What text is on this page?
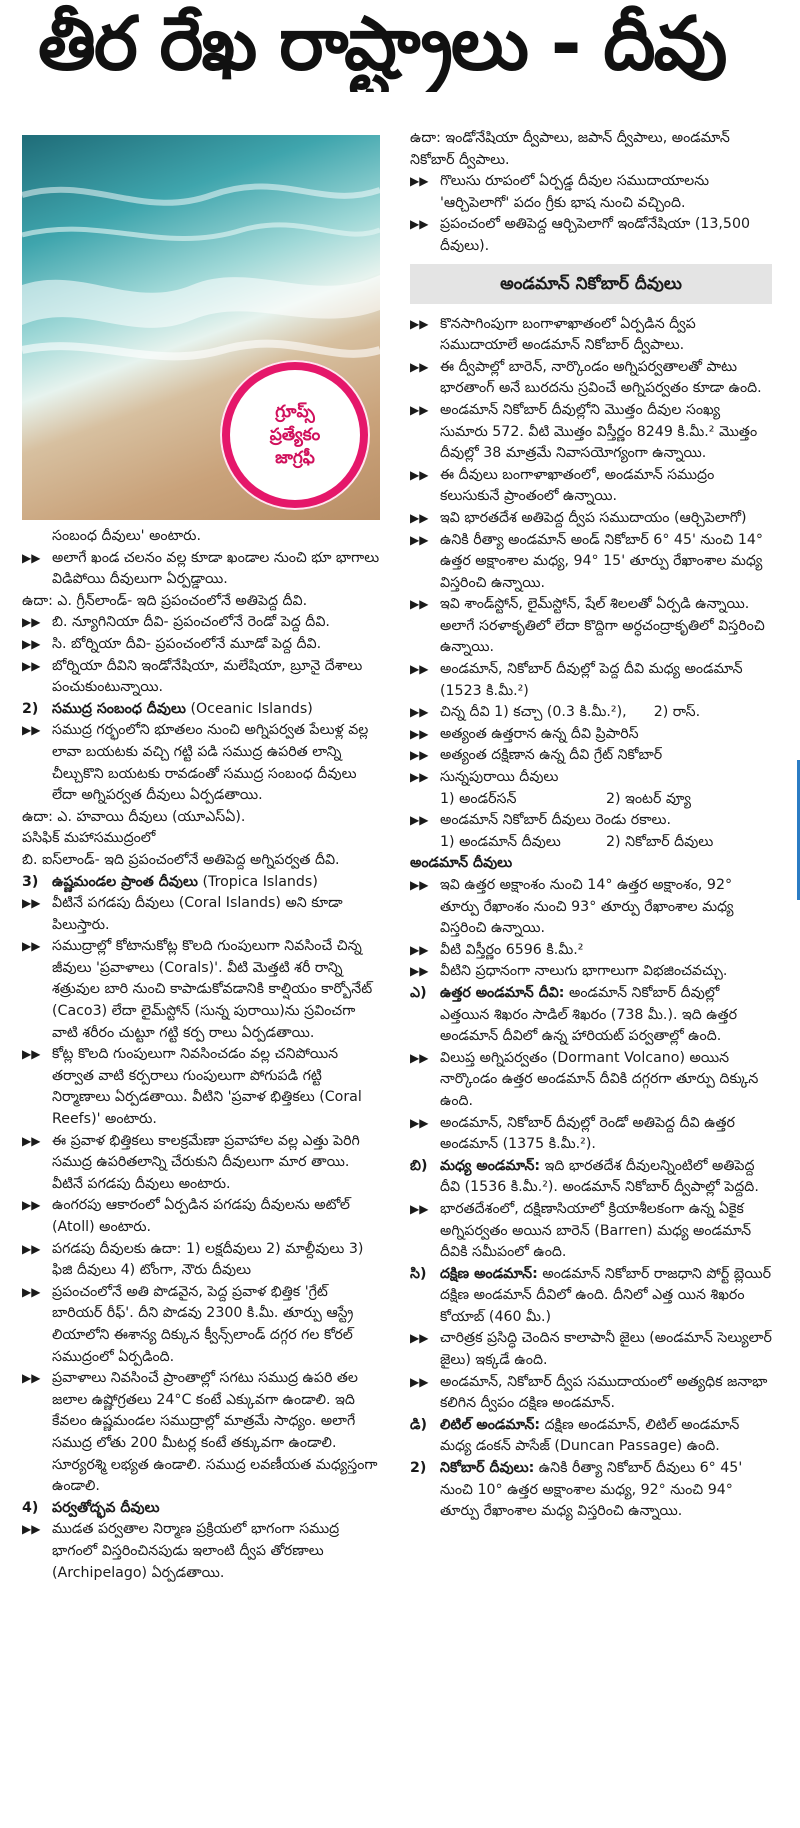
తీర రేఖ రాష్ట్రాలు - దీవు
గ్రూప్స్
ప్రత్యేకం
జాగ్రఫీ

సంబంధ దీవులు' అంటారు.

▶▶ అలాగే ఖండ చలనం వల్ల కూడా ఖండాల నుంచి భూ భాగాలు విడిపోయి దీవులుగా ఏర్పడ్డాయి.

ఉదా: ఎ. గ్రీన్‌లాండ్- ఇది ప్రపంచంలోనే అతిపెద్ద దీవి.

▶▶ బి. న్యూగినియా దీవి- ప్రపంచంలోనే రెండో పెద్ద దీవి.

▶▶ సి. బోర్నియా దీవి- ప్రపంచంలోనే మూడో పెద్ద దీవి.

▶▶ బోర్నియా దీవిని ఇండోనేషియా, మలేషియా, బ్రూనై దేశాలు పంచుకుంటున్నాయి.

2) సముద్ర సంబంధ దీవులు (Oceanic Islands)

▶▶ సముద్ర గర్భంలోని భూతలం నుంచి అగ్నిపర్వత పేలుళ్ల వల్ల లావా బయటకు వచ్చి గట్టి పడి సముద్ర ఉపరిత లాన్ని చీల్చుకొని బయటకు రావడంతో సముద్ర సంబంధ దీవులు లేదా అగ్నిపర్వత దీవులు ఏర్పడతాయి.

ఉదా: ఎ. హవాయి దీవులు (యూఎస్ఏ).

పసిఫిక్ మహాసముద్రంలో

బి. ఐస్‌లాండ్- ఇది ప్రపంచంలోనే అతిపెద్ద అగ్నిపర్వత దీవి.

3) ఉష్ణమండల ప్రాంత దీవులు (Tropica Islands)

▶▶ వీటినే పగడపు దీవులు (Coral Islands) అని కూడా పిలుస్తారు.

▶▶ సముద్రాల్లో కోటానుకోట్ల కొలది గుంపులుగా నివసించే చిన్న జీవులు 'ప్రవాళాలు (Corals)'. వీటి మెత్తటి శరీ రాన్ని శత్రువుల బారి నుంచి కాపాడుకోవడానికి కాల్షియం కార్బోనేట్ (Caco3) లేదా లైమ్‌స్టోన్ (సున్న పురాయి)ను స్రవించగా వాటి శరీరం చుట్టూ గట్టి కర్ప రాలు ఏర్పడతాయి.

▶▶ కోట్ల కొలది గుంపులుగా నివసించడం వల్ల చనిపోయిన తర్వాత వాటి కర్పరాలు గుంపులుగా పోగుపడి గట్టి నిర్మాణాలు ఏర్పడతాయి. వీటిని 'ప్రవాళ భిత్తికలు (Coral Reefs)' అంటారు.

▶▶ ఈ ప్రవాళ భిత్తికలు కాలక్రమేణా ప్రవాహాల వల్ల ఎత్తు పెరిగి సముద్ర ఉపరితలాన్ని చేరుకుని దీవులుగా మార తాయి. వీటినే పగడపు దీవులు అంటారు.

▶▶ ఉంగరపు ఆకారంలో ఏర్పడిన పగడపు దీవులను అటోల్ (Atoll) అంటారు.

▶▶ పగడపు దీవులకు ఉదా: 1) లక్షదీవులు 2) మాల్దీవులు 3) ఫిజి దీవులు 4) టోంగా, నౌరు దీవులు

▶▶ ప్రపంచంలోనే అతి పొడవైన, పెద్ద ప్రవాళ భిత్తిక 'గ్రేట్ బారియర్ రీఫ్'. దీని పొడవు 2300 కి.మీ. తూర్పు ఆస్ట్రే లియాలోని ఈశాన్య దిక్కున క్వీన్స్‌లాండ్ దగ్గర గల కోరల్ సముద్రంలో ఏర్పడింది.

▶▶ ప్రవాళాలు నివసించే ప్రాంతాల్లో సగటు సముద్ర ఉపరి తల జలాల ఉష్ణోగ్రతలు 24°C కంటే ఎక్కువగా ఉండాలి. ఇది కేవలం ఉష్ణమండల సముద్రాల్లో మాత్రమే సాధ్యం. అలాగే సముద్ర లోతు 200 మీటర్ల కంటే తక్కువగా ఉండాలి. సూర్యరశ్మి లభ్యత ఉండాలి. సముద్ర లవణీయత మధ్యస్తంగా ఉండాలి.

4) పర్వతోద్భవ దీవులు

▶▶ ముడత పర్వతాల నిర్మాణ ప్రక్రియలో భాగంగా సముద్ర భాగంలో విస్తరించినపుడు ఇలాంటి ద్వీప తోరణాలు (Archipelago) ఏర్పడతాయి.

ఉదా: ఇండోనేషియా ద్వీపాలు, జపాన్ ద్వీపాలు, అండమాన్ నికోబార్ ద్వీపాలు.

▶▶ గొలుసు రూపంలో ఏర్పడ్డ దీవుల సముదాయాలను 'ఆర్చిపెలాగో' పదం గ్రీకు భాష నుంచి వచ్చింది.

▶▶ ప్రపంచంలో అతిపెద్ద ఆర్చిపెలాగో ఇండోనేషియా (13,500 దీవులు).

అండమాన్ నికోబార్ దీవులు

▶▶ కొనసాగింపుగా బంగాళాఖాతంలో ఏర్పడిన ద్వీప సముదాయాలే అండమాన్ నికోబార్ ద్వీపాలు.

▶▶ ఈ ద్వీపాల్లో బారెన్, నార్కొండం అగ్నిపర్వతాలతో పాటు భారతాంగ్ అనే బురదను స్రవించే అగ్నిపర్వతం కూడా ఉంది.

▶▶ అండమాన్ నికోబార్ దీవుల్లోని మొత్తం దీవుల సంఖ్య సుమారు 572. వీటి మొత్తం విస్తీర్ణం 8249 కి.మీ.² మొత్తం దీవుల్లో 38 మాత్రమే నివాసయోగ్యంగా ఉన్నాయి.

▶▶ ఈ దీవులు బంగాళాఖాతంలో, అండమాన్ సముద్రం కలుసుకునే ప్రాంతంలో ఉన్నాయి.

▶▶ ఇవి భారతదేశ అతిపెద్ద ద్వీప సముదాయం (ఆర్చిపెలాగో)

▶▶ ఉనికి రీత్యా అండమాన్ అండ్ నికోబార్ 6° 45' నుంచి 14° ఉత్తర అక్షాంశాల మధ్య, 94° 15' తూర్పు రేఖాంశాల మధ్య విస్తరించి ఉన్నాయి.

▶▶ ఇవి శాండ్‌స్టోన్, లైమ్‌స్టోన్, షేల్ శిలలతో ఏర్పడి ఉన్నాయి. అలాగే సరళాకృతిలో లేదా కొద్దిగా అర్ధచంద్రాకృతిలో విస్తరించి ఉన్నాయి.

▶▶ అండమాన్, నికోబార్ దీవుల్లో పెద్ద దీవి మధ్య అండమాన్ (1523 కి.మీ.²)

▶▶ చిన్న దీవి 1) కచ్చా (0.3 కి.మీ.²), 2) రాస్.

▶▶ అత్యంత ఉత్తరాన ఉన్న దీవి ప్రిపారిస్

▶▶ అత్యంత దక్షిణాన ఉన్న దీవి గ్రేట్ నికోబార్

▶▶ సున్నపురాయి దీవులు

1) అండర్‌సన్	2) ఇంటర్ వ్యూ

▶▶ అండమాన్ నికోబార్ దీవులు రెండు రకాలు.

1) అండమాన్ దీవులు	2) నికోబార్ దీవులు

అండమాన్ దీవులు

▶▶ ఇవి ఉత్తర అక్షాంశం నుంచి 14° ఉత్తర అక్షాంశం, 92° తూర్పు రేఖాంశం నుంచి 93° తూర్పు రేఖాంశాల మధ్య విస్తరించి ఉన్నాయి.

▶▶ వీటి విస్తీర్ణం 6596 కి.మీ.²

▶▶ వీటిని ప్రధానంగా నాలుగు భాగాలుగా విభజించవచ్చు.

ఎ) ఉత్తర అండమాన్ దీవి: అండమాన్ నికోబార్ దీవుల్లో ఎత్తయిన శిఖరం సాడిల్ శిఖరం (738 మీ.). ఇది ఉత్తర అండమాన్ దీవిలో ఉన్న హారియట్ పర్వతాల్లో ఉంది.

▶▶ విలుప్త అగ్నిపర్వతం (Dormant Volcano) అయిన నార్కొండం ఉత్తర అండమాన్ దీవికి దగ్గరగా తూర్పు దిక్కున ఉంది.

▶▶ అండమాన్, నికోబార్ దీవుల్లో రెండో అతిపెద్ద దీవి ఉత్తర అండమాన్ (1375 కి.మీ.²).

బి) మధ్య అండమాన్: ఇది భారతదేశ దీవులన్నింటిలో అతిపెద్ద దీవి (1536 కి.మీ.²). అండమాన్ నికోబార్ ద్వీపాల్లో పెద్దది.

▶▶ భారతదేశంలో, దక్షిణాసియాలో క్రియాశీలకంగా ఉన్న ఏకైక అగ్నిపర్వతం అయిన బారెన్ (Barren) మధ్య అండమాన్ దీవికి సమీపంలో ఉంది.

సి) దక్షిణ అండమాన్: అండమాన్ నికోబార్ రాజధాని పోర్ట్ బ్లెయిర్ దక్షిణ అండమాన్ దీవిలో ఉంది. దీనిలో ఎత్త యిన శిఖరం కోయాబ్ (460 మీ.)

▶▶ చారిత్రక ప్రసిద్ధి చెందిన కాలాపానీ జైలు (అండమాన్ సెల్యులార్ జైలు) ఇక్కడే ఉంది.

▶▶ అండమాన్, నికోబార్ ద్వీప సముదాయంలో అత్యధిక జనాభా కలిగిన ద్వీపం దక్షిణ అండమాన్.

డి) లిటిల్ అండమాన్: దక్షిణ అండమాన్, లిటిల్ అండమాన్ మధ్య డంకన్ పాసేజ్ (Duncan Passage) ఉంది.

2) నికోబార్ దీవులు: ఉనికి రీత్యా నికోబార్ దీవులు 6° 45' నుంచి 10° ఉత్తర అక్షాంశాల మధ్య, 92° నుంచి 94° తూర్పు రేఖాంశాల మధ్య విస్తరించి ఉన్నాయి.
